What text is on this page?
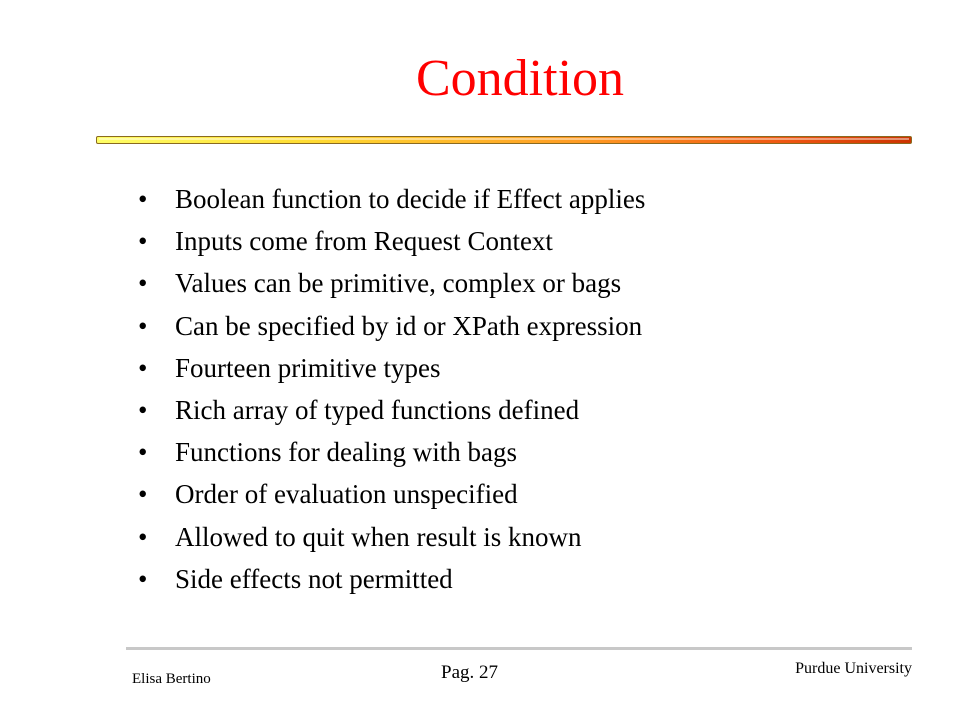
Condition
• Boolean function to decide if Effect applies
• Inputs come from Request Context
• Values can be primitive, complex or bags
• Can be specified by id or XPath expression
• Fourteen primitive types
• Rich array of typed functions defined
• Functions for dealing with bags
• Order of evaluation unspecified
• Allowed to quit when result is known
• Side effects not permitted
Elisa Bertino	Pag. 27	Purdue University
